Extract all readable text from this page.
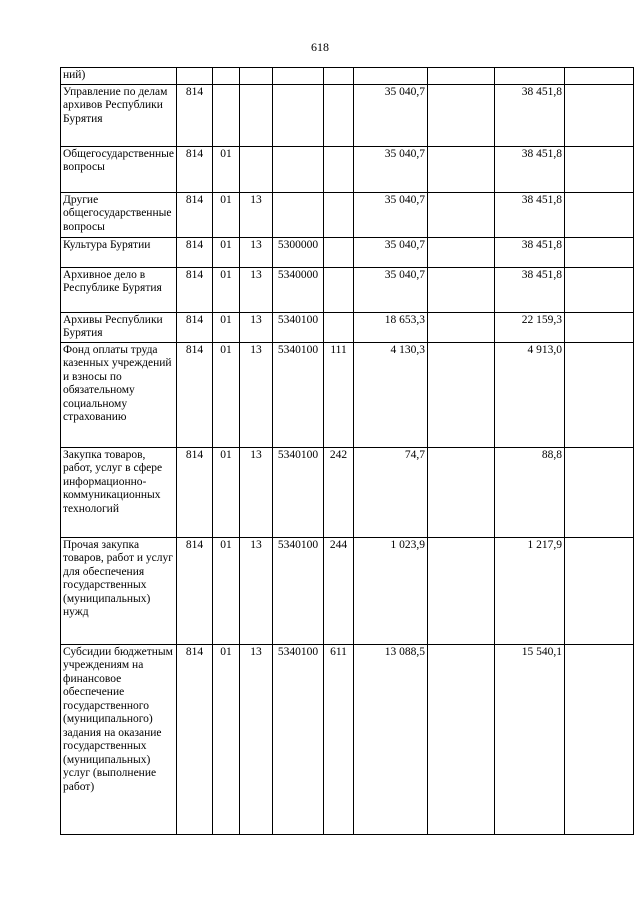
618
ний)									
Управление по делам архивов Республики Бурятия	814					35 040,7		38 451,8	
Общегосударственные вопросы	814	01				35 040,7		38 451,8	
Другие общегосударственные вопросы	814	01	13			35 040,7		38 451,8	
Культура Бурятии	814	01	13	5300000		35 040,7		38 451,8	
Архивное дело в Республике Бурятия	814	01	13	5340000		35 040,7		38 451,8	
Архивы Республики Бурятия	814	01	13	5340100		18 653,3		22 159,3	
Фонд оплаты труда казенных учреждений и взносы по обязательному социальному страхованию	814	01	13	5340100	111	4 130,3		4 913,0	
Закупка товаров, работ, услуг в сфере информационно-коммуникационных технологий	814	01	13	5340100	242	74,7		88,8	
Прочая закупка товаров, работ и услуг для обеспечения государственных (муниципальных) нужд	814	01	13	5340100	244	1 023,9		1 217,9	
Субсидии бюджетным учреждениям на финансовое обеспечение государственного (муниципального) задания на оказание государственных (муниципальных) услуг (выполнение работ)	814	01	13	5340100	611	13 088,5		15 540,1	
